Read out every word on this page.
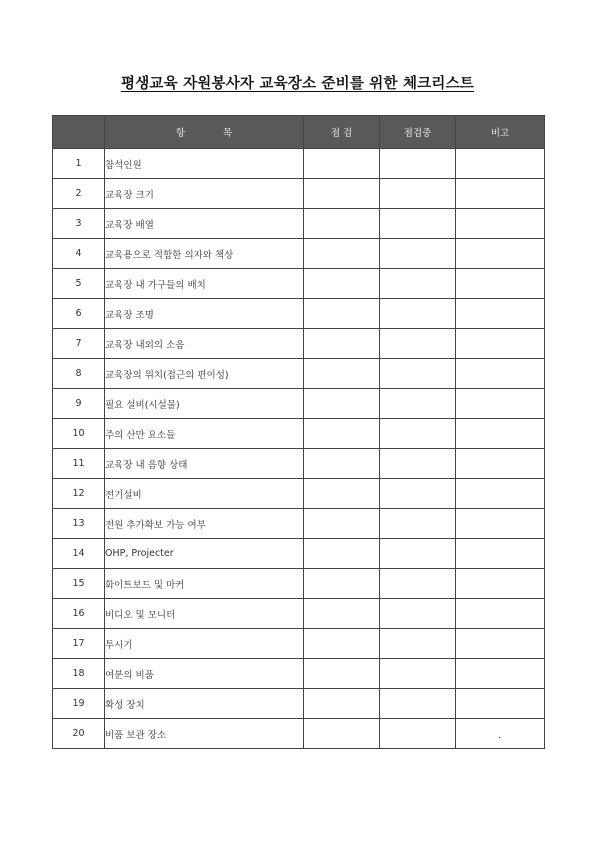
평생교육 자원봉사자 교육장소 준비를 위한 체크리스트
	항목	점 검	점검중	비고
1	참석인원			

2	교육장 크기			

3	교육장 배열			

4	교육용으로 적합한 의자와 책상			

5	교육장 내 가구들의 배치			

6	교육장 조명			

7	교육장 내외의 소음			

8	교육장의 위치(접근의 편이성)			

9	필요 설비(시설물)			

10	주의 산만 요소들			

11	교육장 내 음향 상태			

12	전기설비			

13	전원 추가확보 가능 여부			

14	OHP, Projecter			

15	화이트보드 및 마커			

16	비디오 및 모니터			

17	투시기			

18	여분의 비품			

19	확성 장치			

20	비품 보관 장소			.
